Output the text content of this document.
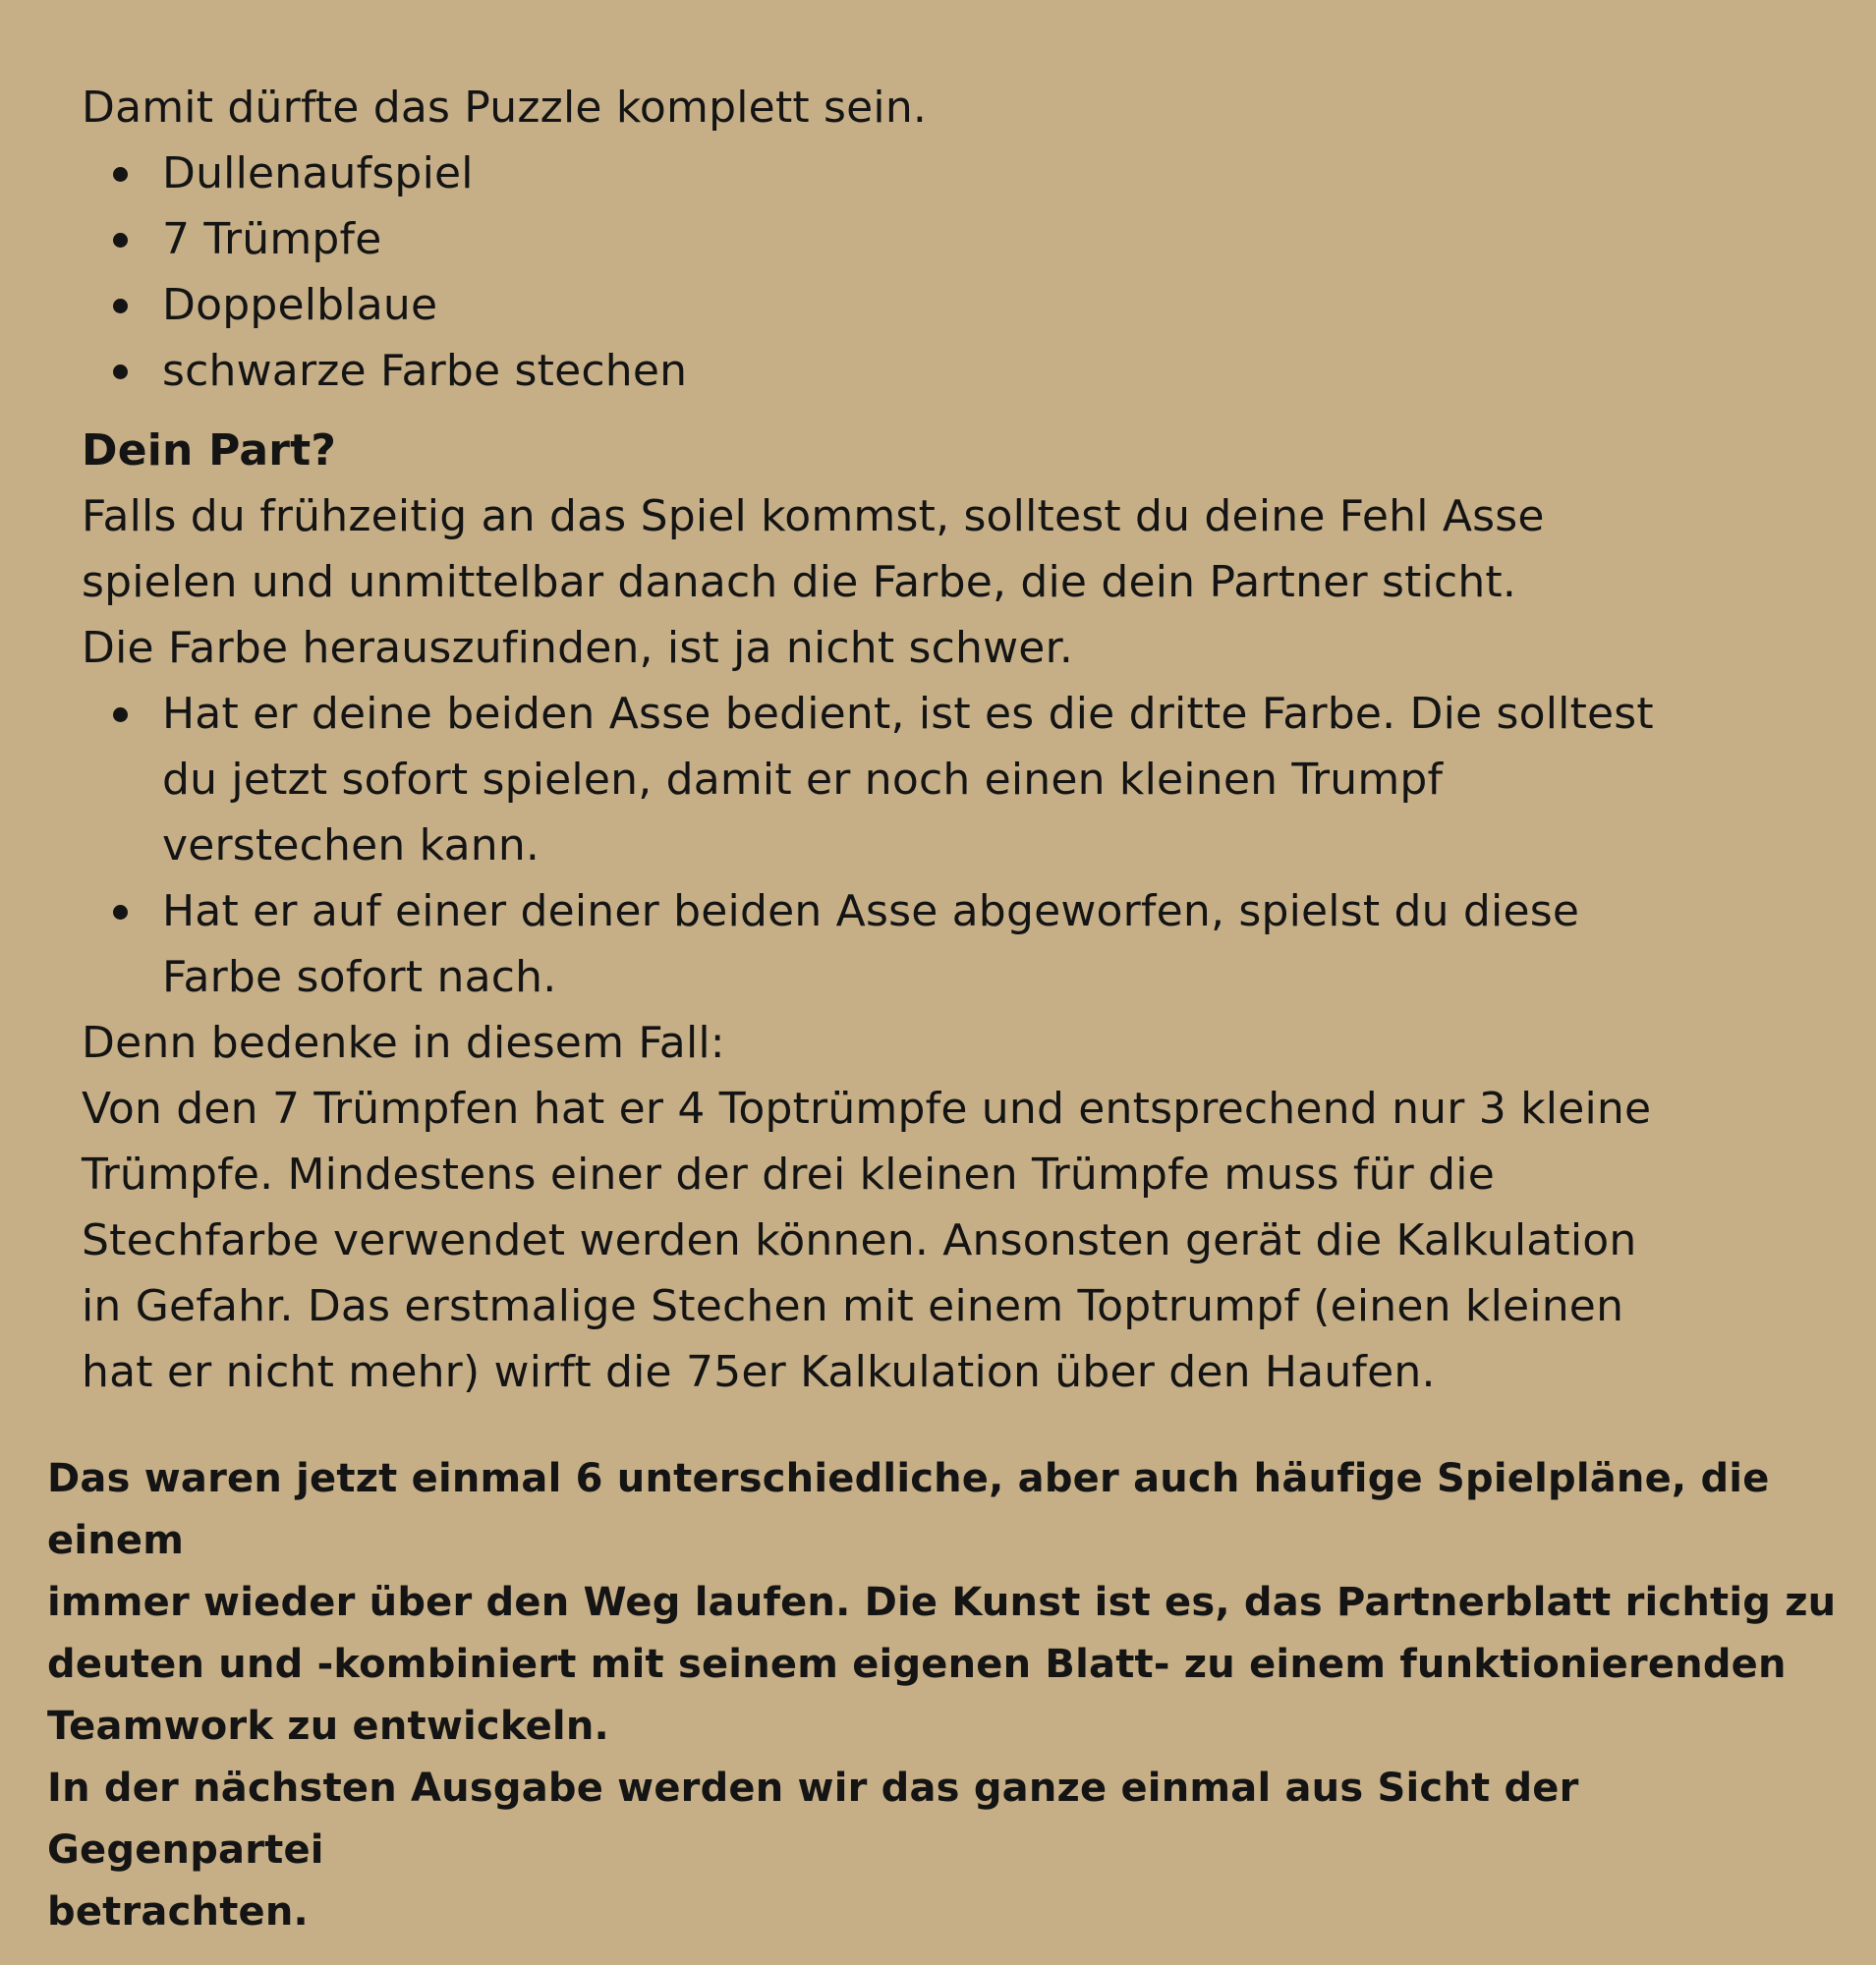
Damit dürfte das Puzzle komplett sein.

Dullenaufspiel
7 Trümpfe
Doppelblaue
schwarze Farbe stechen

Dein Part?

Falls du frühzeitig an das Spiel kommst, solltest du deine Fehl Asse

spielen und unmittelbar danach die Farbe, die dein Partner sticht.

Die Farbe herauszufinden, ist ja nicht schwer.

Hat er deine beiden Asse bedient, ist es die dritte Farbe. Die solltest
du jetzt sofort spielen, damit er noch einen kleinen Trumpf
verstechen kann.
Hat er auf einer deiner beiden Asse abgeworfen, spielst du diese
Farbe sofort nach.

Denn bedenke in diesem Fall:

Von den 7 Trümpfen hat er 4 Toptrümpfe und entsprechend nur 3 kleine

Trümpfe. Mindestens einer der drei kleinen Trümpfe muss für die

Stechfarbe verwendet werden können. Ansonsten gerät die Kalkulation

in Gefahr. Das erstmalige Stechen mit einem Toptrumpf (einen kleinen

hat er nicht mehr) wirft die 75er Kalkulation über den Haufen.

Das waren jetzt einmal 6 unterschiedliche, aber auch häufige Spielpläne, die einem

immer wieder über den Weg laufen. Die Kunst ist es, das Partnerblatt richtig zu

deuten und -kombiniert mit seinem eigenen Blatt- zu einem funktionierenden

Teamwork zu entwickeln.

In der nächsten Ausgabe werden wir das ganze einmal aus Sicht der Gegenpartei

betrachten.
